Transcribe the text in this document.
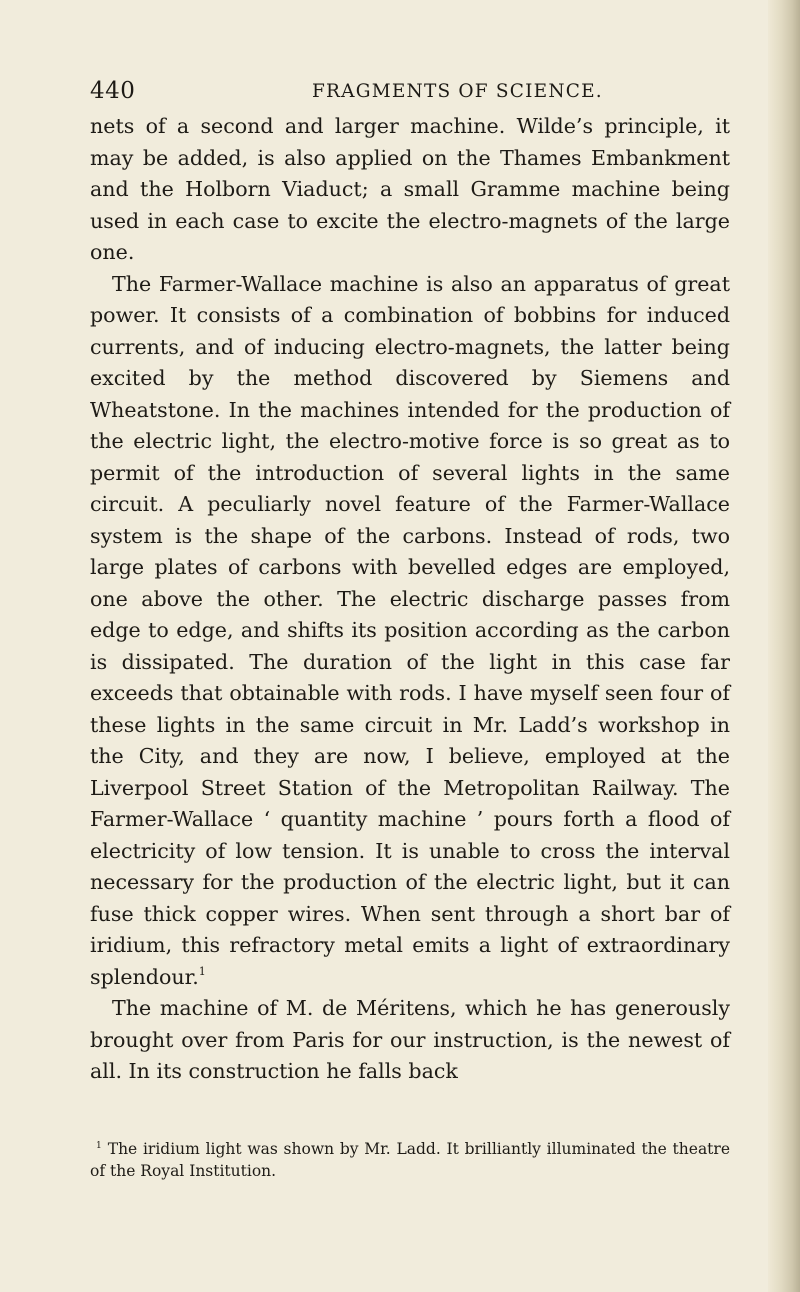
440	FRAGMENTS OF SCIENCE.

nets of a second and larger machine. Wilde’s principle, it may be added, is also applied on the Thames Embankment and the Holborn Viaduct; a small Gramme machine being used in each case to excite the electro-magnets of the large one.

The Farmer-Wallace machine is also an apparatus of great power. It consists of a combination of bobbins for induced currents, and of inducing electro-magnets, the latter being excited by the method discovered by Siemens and Wheatstone. In the machines intended for the production of the electric light, the electro-motive force is so great as to permit of the introduction of several lights in the same circuit. A peculiarly novel feature of the Farmer-Wallace system is the shape of the carbons. Instead of rods, two large plates of carbons with bevelled edges are employed, one above the other. The electric discharge passes from edge to edge, and shifts its position according as the carbon is dissipated. The duration of the light in this case far exceeds that obtainable with rods. I have myself seen four of these lights in the same circuit in Mr. Ladd’s workshop in the City, and they are now, I believe, employed at the Liverpool Street Station of the Metropolitan Railway. The Farmer-Wallace ‘ quantity machine ’ pours forth a flood of electricity of low tension. It is unable to cross the interval necessary for the production of the electric light, but it can fuse thick copper wires. When sent through a short bar of iridium, this refractory metal emits a light of extraordinary splendour.$^1$

The machine of M. de Méritens, which he has generously brought over from Paris for our instruction, is the newest of all. In its construction he falls back

$^1$ The iridium light was shown by Mr. Ladd. It brilliantly illuminated the theatre of the Royal Institution.
